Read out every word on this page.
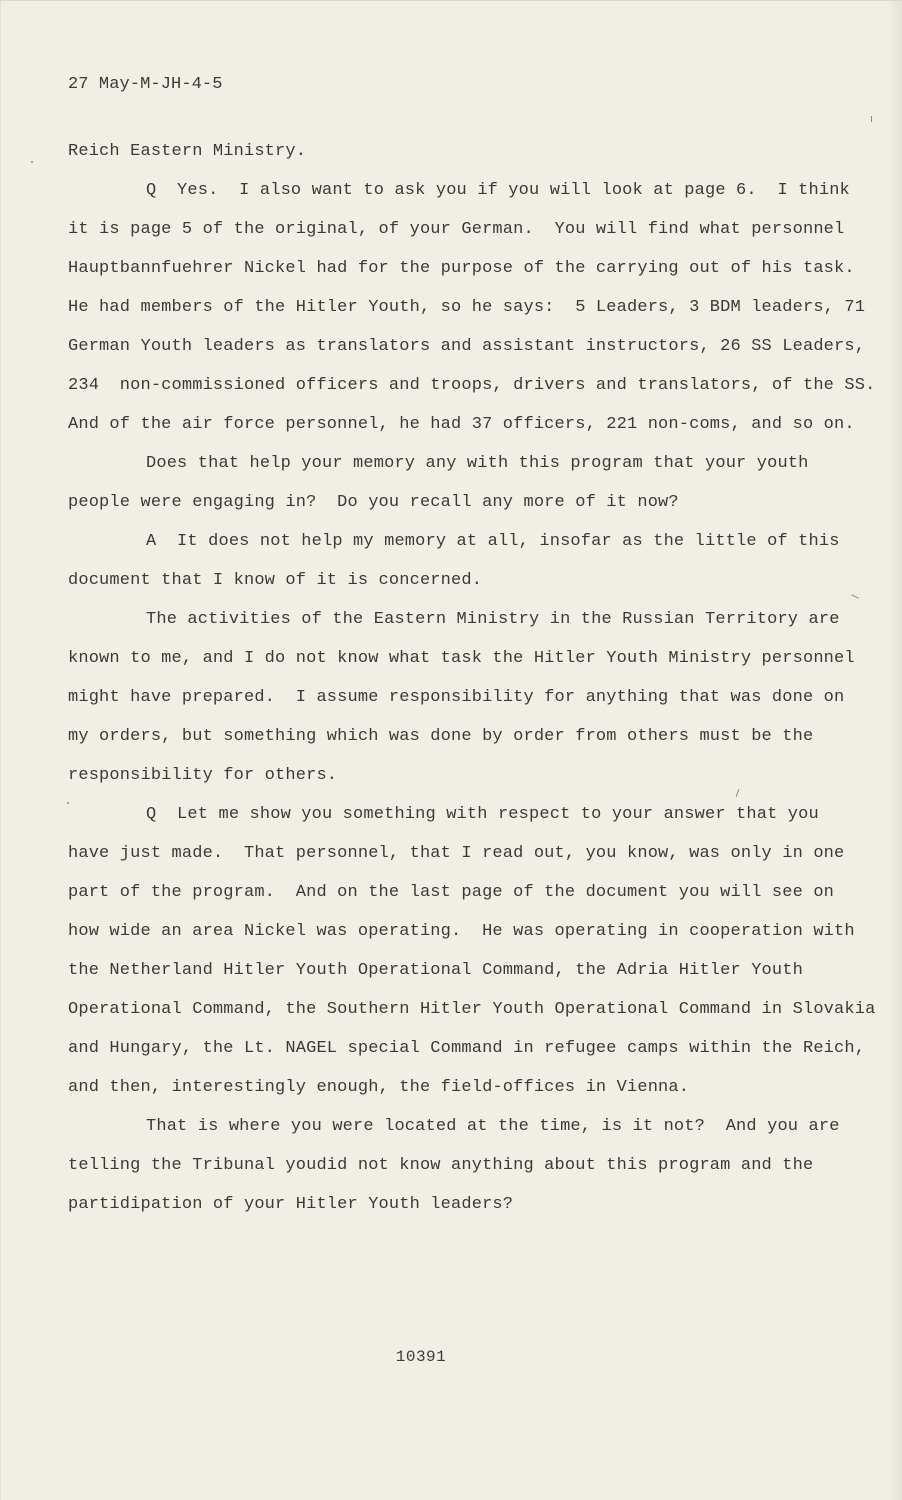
27 May-M-JH-4-5
Reich Eastern Ministry.
Q  Yes.  I also want to ask you if you will look at page 6.  I think
it is page 5 of the original, of your German.  You will find what personnel
Hauptbannfuehrer Nickel had for the purpose of the carrying out of his task.
He had members of the Hitler Youth, so he says:  5 Leaders, 3 BDM leaders, 71
German Youth leaders as translators and assistant instructors, 26 SS Leaders,
234  non-commissioned officers and troops, drivers and translators, of the SS.
And of the air force personnel, he had 37 officers, 221 non-coms, and so on.
Does that help your memory any with this program that your youth
people were engaging in?  Do you recall any more of it now?
A  It does not help my memory at all, insofar as the little of this
document that I know of it is concerned.
The activities of the Eastern Ministry in the Russian Territory are
known to me, and I do not know what task the Hitler Youth Ministry personnel
might have prepared.  I assume responsibility for anything that was done on
my orders, but something which was done by order from others must be the
responsibility for others.
Q  Let me show you something with respect to your answer that you
have just made.  That personnel, that I read out, you know, was only in one
part of the program.  And on the last page of the document you will see on
how wide an area Nickel was operating.  He was operating in cooperation with
the Netherland Hitler Youth Operational Command, the Adria Hitler Youth
Operational Command, the Southern Hitler Youth Operational Command in Slovakia
and Hungary, the Lt. NAGEL special Command in refugee camps within the Reich,
and then, interestingly enough, the field-offices in Vienna.
That is where you were located at the time, is it not?  And you are
telling the Tribunal youdid not know anything about this program and the
partidipation of your Hitler Youth leaders?
10391
